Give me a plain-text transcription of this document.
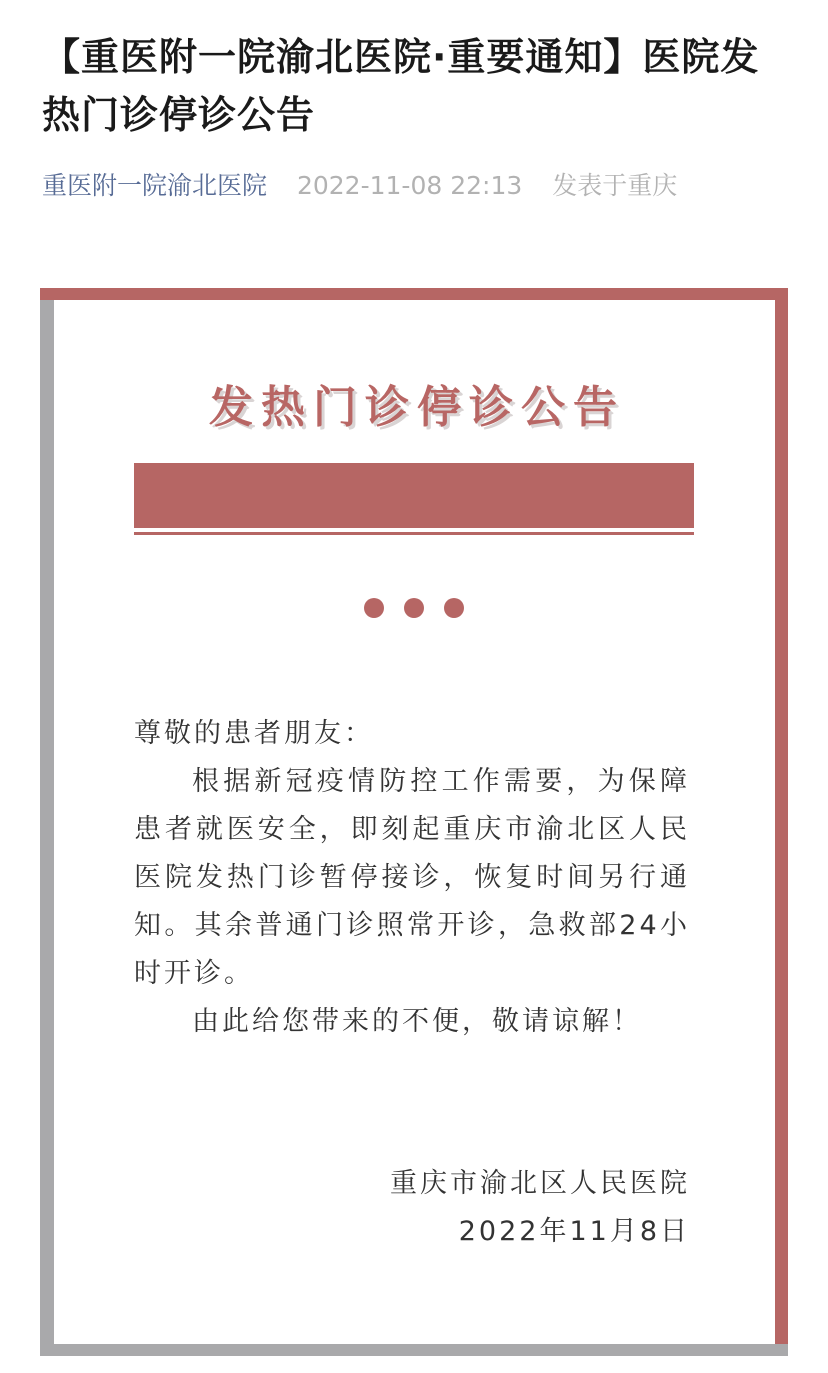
【重医附一院渝北医院·重要通知】医院发热门诊停诊公告
重医附一院渝北医院 2022-11-08 22:13 发表于重庆
发热门诊停诊公告

尊敬的患者朋友：

根据新冠疫情防控工作需要，为保障患者就医安全，即刻起重庆市渝北区人民医院发热门诊暂停接诊，恢复时间另行通知。其余普通门诊照常开诊，急救部24小时开诊。

由此给您带来的不便，敬请谅解！

重庆市渝北区人民医院
2022年11月8日
